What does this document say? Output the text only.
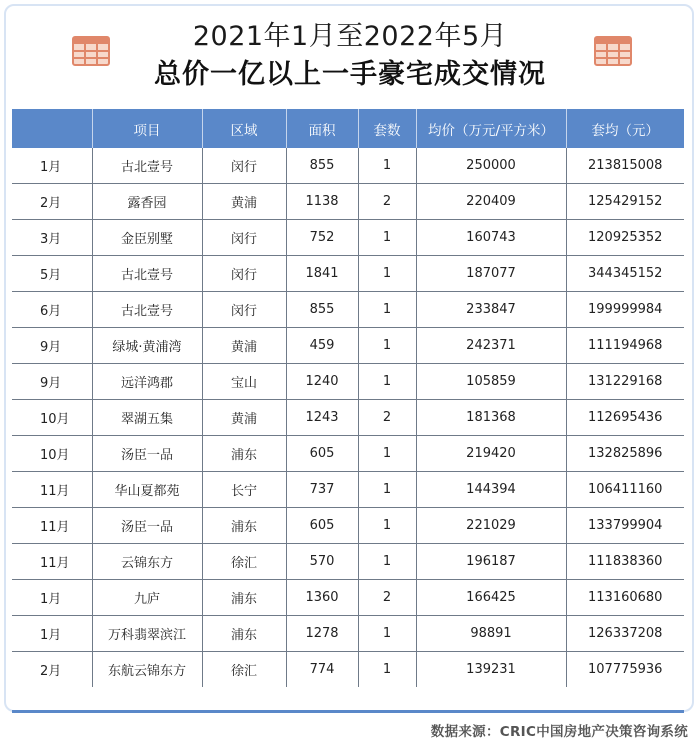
2021年1月至2022年5月
总价一亿以上一手豪宅成交情况
	项目	区域	面积	套数	均价（万元/平方米）	套均（元）
1月	古北壹号	闵行	855	1	250000	213815008
2月	露香园	黄浦	1138	2	220409	125429152
3月	金臣别墅	闵行	752	1	160743	120925352
5月	古北壹号	闵行	1841	1	187077	344345152
6月	古北壹号	闵行	855	1	233847	199999984
9月	绿城·黄浦湾	黄浦	459	1	242371	111194968
9月	远洋鸿郡	宝山	1240	1	105859	131229168
10月	翠湖五集	黄浦	1243	2	181368	112695436
10月	汤臣一品	浦东	605	1	219420	132825896
11月	华山夏都苑	长宁	737	1	144394	106411160
11月	汤臣一品	浦东	605	1	221029	133799904
11月	云锦东方	徐汇	570	1	196187	111838360
1月	九庐	浦东	1360	2	166425	113160680
1月	万科翡翠滨江	浦东	1278	1	98891	126337208
2月	东航云锦东方	徐汇	774	1	139231	107775936
数据来源：CRIC中国房地产决策咨询系统
